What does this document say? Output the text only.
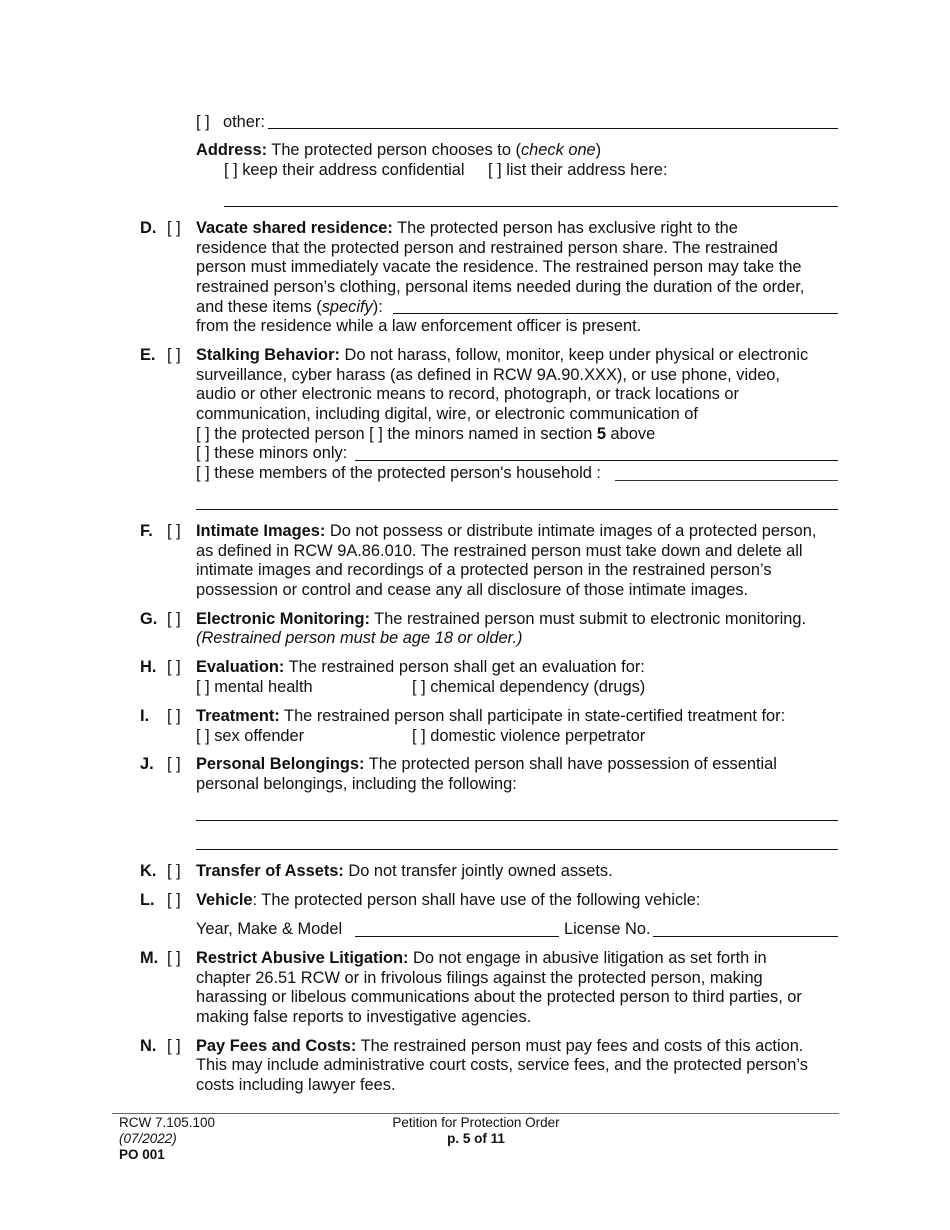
[ ] other:
Address: The protected person chooses to (check one)
[ ] keep their address confidential [ ] list their address here:
D. [ ] Vacate shared residence: The protected person has exclusive right to the
residence that the protected person and restrained person share. The restrained
person must immediately vacate the residence. The restrained person may take the
restrained person’s clothing, personal items needed during the duration of the order,
and these items (specify):
from the residence while a law enforcement officer is present.
E. [ ] Stalking Behavior: Do not harass, follow, monitor, keep under physical or electronic
surveillance, cyber harass (as defined in RCW 9A.90.XXX), or use phone, video,
audio or other electronic means to record, photograph, or track locations or
communication, including digital, wire, or electronic communication of
[ ] the protected person [ ] the minors named in section 5 above
[ ] these minors only:
[ ] these members of the protected person's household :
F. [ ] Intimate Images: Do not possess or distribute intimate images of a protected person,
as defined in RCW 9A.86.010. The restrained person must take down and delete all
intimate images and recordings of a protected person in the restrained person’s
possession or control and cease any all disclosure of those intimate images.
G. [ ] Electronic Monitoring: The restrained person must submit to electronic monitoring.
(Restrained person must be age 18 or older.)
H. [ ] Evaluation: The restrained person shall get an evaluation for:
[ ] mental health	[ ] chemical dependency (drugs)
I. [ ] Treatment: The restrained person shall participate in state-certified treatment for:
[ ] sex offender	[ ] domestic violence perpetrator
J. [ ] Personal Belongings: The protected person shall have possession of essential
personal belongings, including the following:
K. [ ] Transfer of Assets: Do not transfer jointly owned assets.
L. [ ] Vehicle: The protected person shall have use of the following vehicle:
Year, Make & Model	License No.
M. [ ] Restrict Abusive Litigation: Do not engage in abusive litigation as set forth in
chapter 26.51 RCW or in frivolous filings against the protected person, making
harassing or libelous communications about the protected person to third parties, or
making false reports to investigative agencies.
N. [ ] Pay Fees and Costs: The restrained person must pay fees and costs of this action.
This may include administrative court costs, service fees, and the protected person’s
costs including lawyer fees.
RCW 7.105.100
(07/2022)
PO 001
Petition for Protection Order
p. 5 of 11
